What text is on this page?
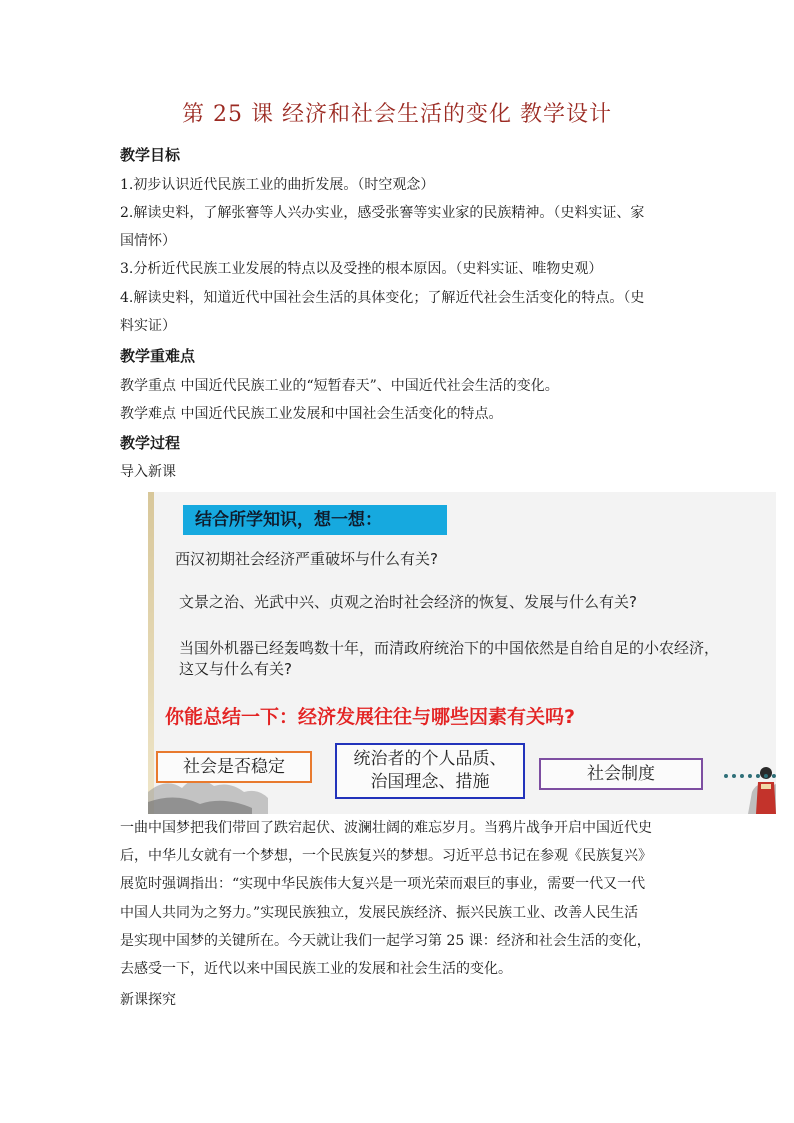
第 25 课 经济和社会生活的变化 教学设计
教学目标
1.初步认识近代民族工业的曲折发展。（时空观念）
2.解读史料，了解张謇等人兴办实业，感受张謇等实业家的民族精神。（史料实证、家
国情怀）
3.分析近代民族工业发展的特点以及受挫的根本原因。（史料实证、唯物史观）
4.解读史料，知道近代中国社会生活的具体变化；了解近代社会生活变化的特点。（史
料实证）
教学重难点
教学重点 中国近代民族工业的“短暂春天”、中国近代社会生活的变化。
教学难点 中国近代民族工业发展和中国社会生活变化的特点。
教学过程
导入新课
结合所学知识，想一想：
西汉初期社会经济严重破坏与什么有关?
文景之治、光武中兴、贞观之治时社会经济的恢复、发展与什么有关?
当国外机器已经轰鸣数十年，而清政府统治下的中国依然是自给自足的小农经济，
这又与什么有关?
你能总结一下：经济发展往往与哪些因素有关吗?
社会是否稳定	统治者的个人品质、
治国理念、措施	社会制度
一曲中国梦把我们带回了跌宕起伏、波澜壮阔的难忘岁月。当鸦片战争开启中国近代史
后，中华儿女就有一个梦想，一个民族复兴的梦想。习近平总书记在参观《民族复兴》
展览时强调指出：“实现中华民族伟大复兴是一项光荣而艰巨的事业，需要一代又一代
中国人共同为之努力。”实现民族独立，发展民族经济、振兴民族工业、改善人民生活
是实现中国梦的关键所在。今天就让我们一起学习第 25 课：经济和社会生活的变化，
去感受一下，近代以来中国民族工业的发展和社会生活的变化。
新课探究
